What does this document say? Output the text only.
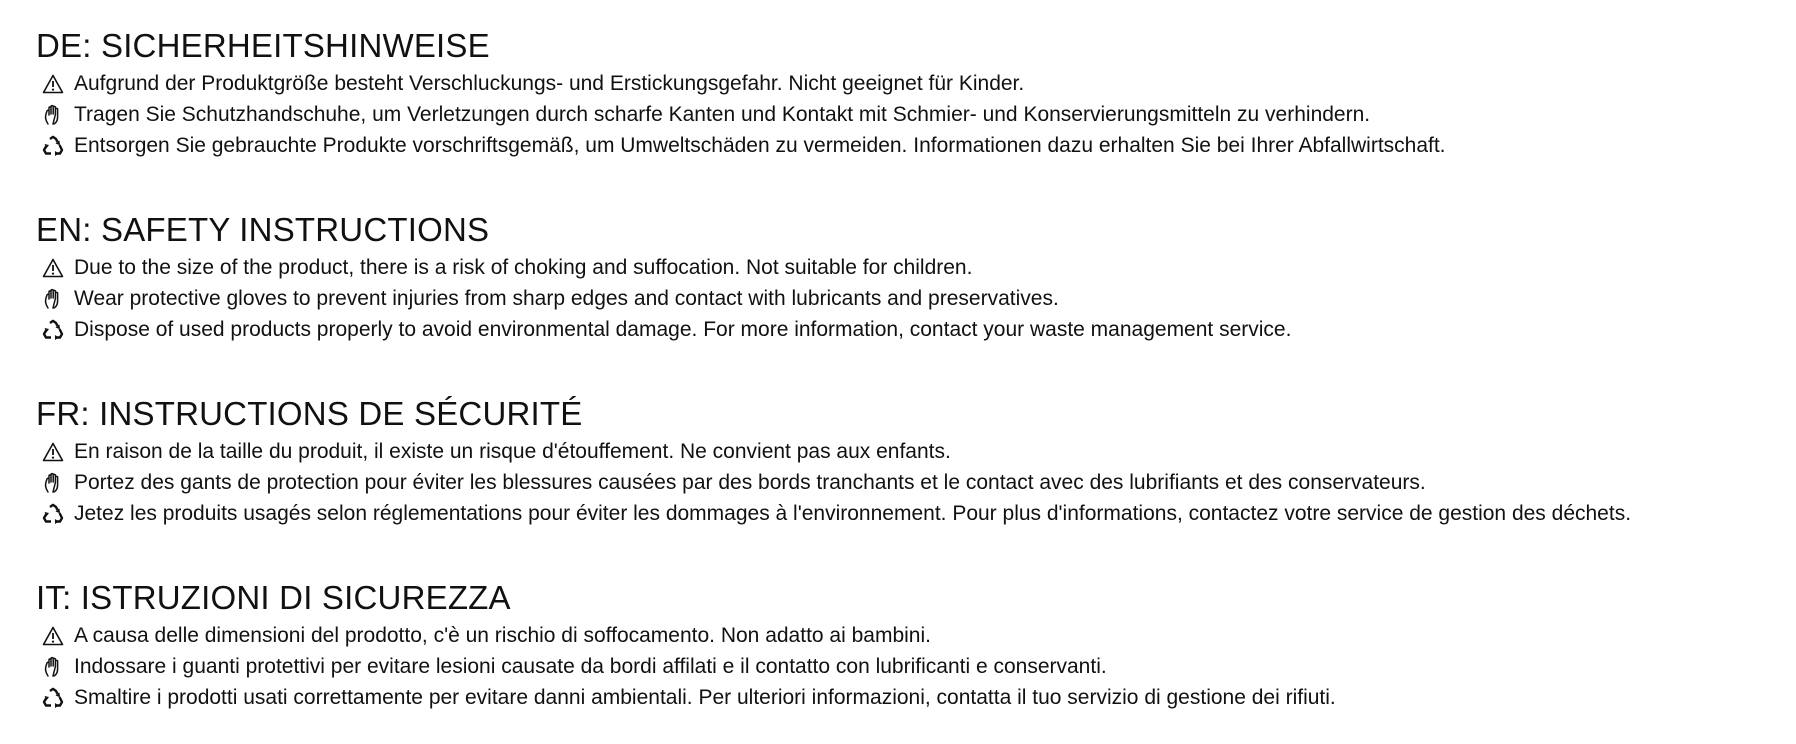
DE: SICHERHEITSHINWEISE
Aufgrund der Produktgröße besteht Verschluckungs- und Erstickungsgefahr. Nicht geeignet für Kinder.
Tragen Sie Schutzhandschuhe, um Verletzungen durch scharfe Kanten und Kontakt mit Schmier- und Konservierungsmitteln zu verhindern.
Entsorgen Sie gebrauchte Produkte vorschriftsgemäß, um Umweltschäden zu vermeiden. Informationen dazu erhalten Sie bei Ihrer Abfallwirtschaft.
EN: SAFETY INSTRUCTIONS
Due to the size of the product, there is a risk of choking and suffocation. Not suitable for children.
Wear protective gloves to prevent injuries from sharp edges and contact with lubricants and preservatives.
Dispose of used products properly to avoid environmental damage. For more information, contact your waste management service.
FR: INSTRUCTIONS DE SÉCURITÉ
En raison de la taille du produit, il existe un risque d'étouffement. Ne convient pas aux enfants.
Portez des gants de protection pour éviter les blessures causées par des bords tranchants et le contact avec des lubrifiants et des conservateurs.
Jetez les produits usagés selon réglementations pour éviter les dommages à l'environnement. Pour plus d'informations, contactez votre service de gestion des déchets.
IT: ISTRUZIONI DI SICUREZZA
A causa delle dimensioni del prodotto, c'è un rischio di soffocamento. Non adatto ai bambini.
Indossare i guanti protettivi per evitare lesioni causate da bordi affilati e il contatto con lubrificanti e conservanti.
Smaltire i prodotti usati correttamente per evitare danni ambientali. Per ulteriori informazioni, contatta il tuo servizio di gestione dei rifiuti.
